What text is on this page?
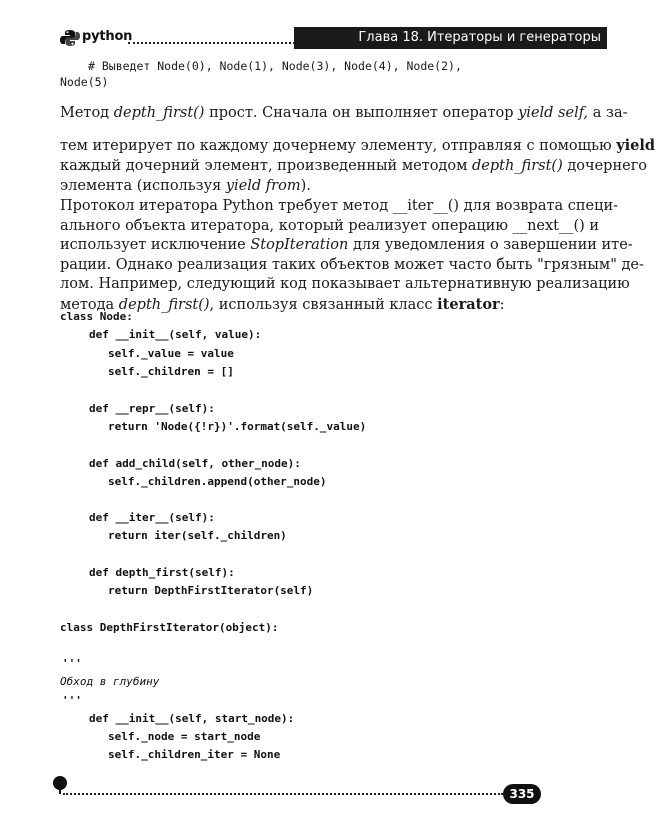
python	Глава 18. Итераторы и генераторы
# Выведет Node(0), Node(1), Node(3), Node(4), Node(2),
Node(5)
Метод depth_first() прост. Сначала он выполняет оператор yield self, а за-
тем итерирует по каждому дочернему элементу, отправляя с помощью yield
каждый дочерний элемент, произведенный методом depth_first() дочернего
элемента (используя yield from).
Протокол итератора Python требует метод __iter__() для возврата специ-
ального объекта итератора, который реализует операцию __next__() и
использует исключение StopIteration для уведомления о завершении ите-
рации. Однако реализация таких объектов может часто быть "грязным" де-
лом. Например, следующий код показывает альтернативную реализацию
метода depth_first(), используя связанный класс iterator:
class Node:
def __init__(self, value):
self._value = value
self._children = []
def __repr__(self):
return 'Node({!r})'.format(self._value)
def add_child(self, other_node):
self._children.append(other_node)
def __iter__(self):
return iter(self._children)
def depth_first(self):
return DepthFirstIterator(self)
class DepthFirstIterator(object):
'''
Обход в глубину
'''
def __init__(self, start_node):
self._node = start_node
self._children_iter = None
335
